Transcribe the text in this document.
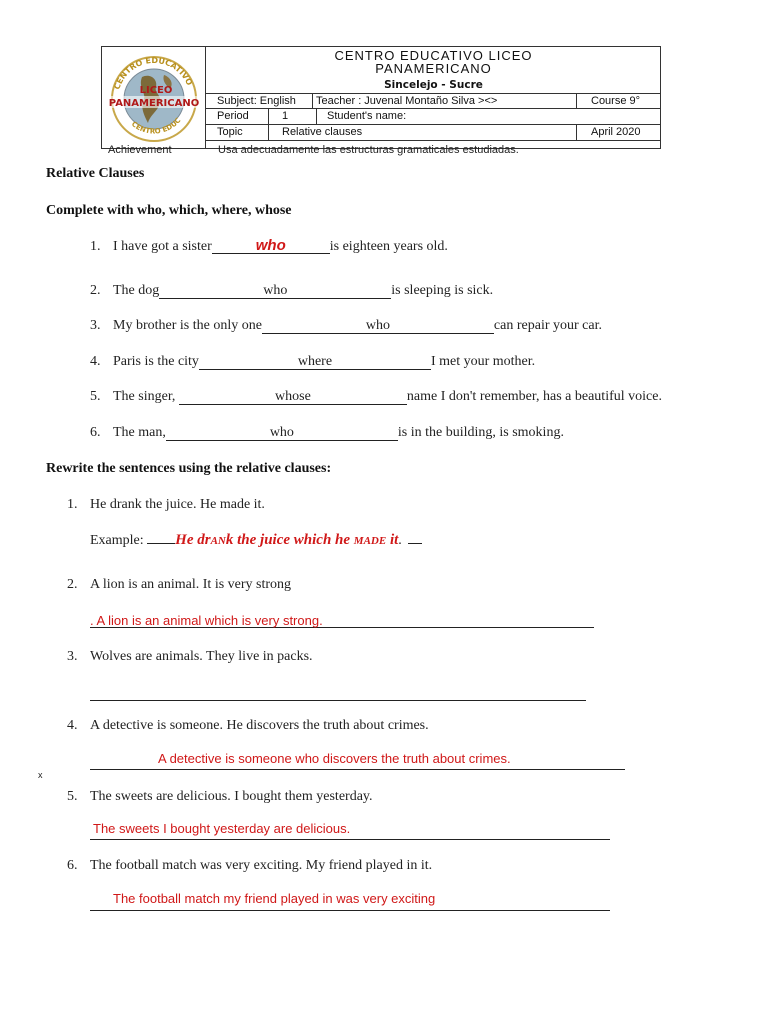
CENTRO EDUCATIVO
LICEO
PANAMERICANO
CENTRO EDUC
CENTRO EDUCATIVO LICEO
PANAMERICANO
Sincelejo - Sucre
Subject: English Teacher : Juvenal Montaño Silva ><>	Course 9°
Period	1	Student's name:
Topic	Relative clauses	April 2020
Achievement	Usa adecuadamente las estructuras gramaticales estudiadas.
Relative Clauses
Complete with who, which, where, whose
1. I have got a sister	who	is eighteen years old.
2. The dog	who	is sleeping is sick.
3. My brother is the only one	who	can repair your car.
4. Paris is the city	where	I met your mother.
5. The singer,	whose	name I don't remember, has a beautiful voice.
6. The man,	who	is in the building, is smoking.
Rewrite the sentences using the relative clauses:
1. He drank the juice. He made it.
Example: He drANk the juice which he MADE it.
2. A lion is an animal. It is very strong
. A lion is an animal which is very strong.
3. Wolves are animals. They live in packs.
4. A detective is someone. He discovers the truth about crimes.
A detective is someone who discovers the truth about crimes.
x
5. The sweets are delicious. I bought them yesterday.
The sweets I bought yesterday are delicious.
6. The football match was very exciting. My friend played in it.
The football match my friend played in was very exciting
